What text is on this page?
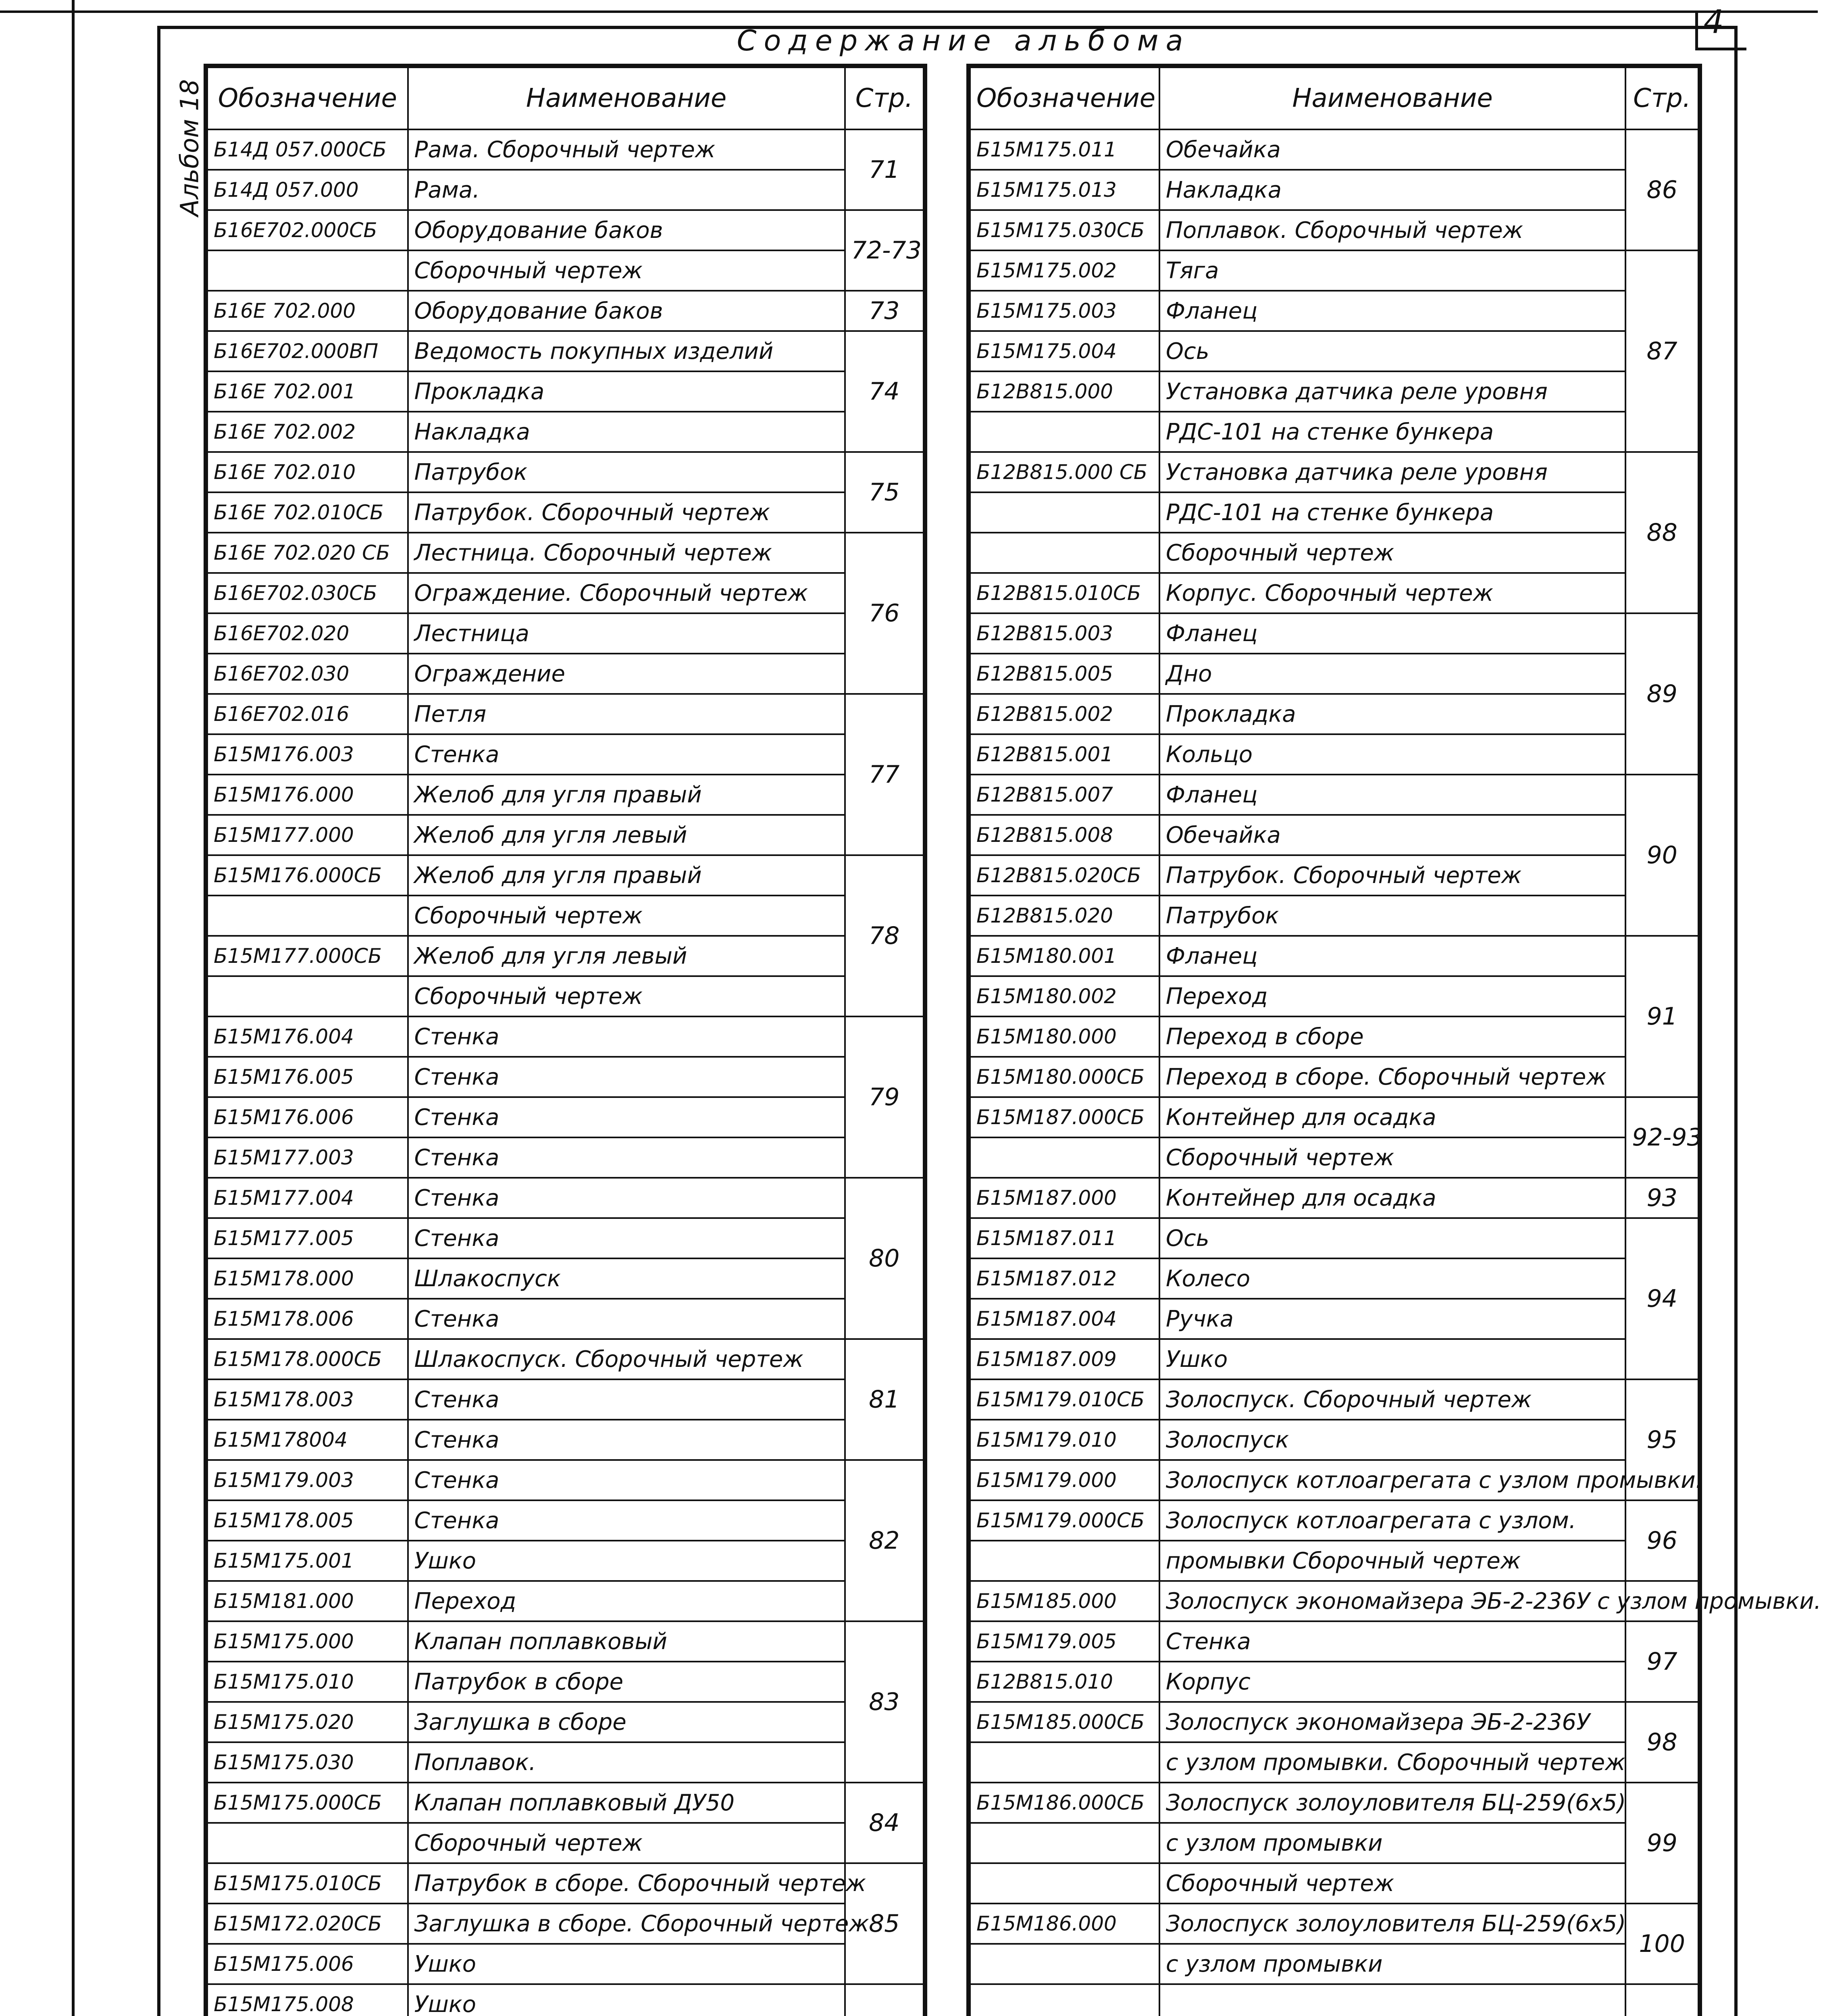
Альбом 18
4
Содержание альбома
Обозначение	Наименование	Стр.
Б14Д 057.000СБ	Рама. Сборочный чертеж	71
Б14Д 057.000	Рама.	
Б16Е702.000СБ	Оборудование баков	72-73
	Сборочный чертеж	
Б16Е 702.000	Оборудование баков	73
Б16Е702.000ВП	Ведомость покупных изделий	74
Б16Е 702.001	Прокладка	
Б16Е 702.002	Накладка	
Б16Е 702.010	Патрубок	75
Б16Е 702.010СБ	Патрубок. Сборочный чертеж	
Б16Е 702.020 СБ	Лестница. Сборочный чертеж	76
Б16Е702.030СБ	Ограждение. Сборочный чертеж	
Б16Е702.020	Лестница	
Б16Е702.030	Ограждение	
Б16Е702.016	Петля	77
Б15М176.003	Стенка	
Б15М176.000	Желоб для угля правый	
Б15М177.000	Желоб для угля левый	
Б15М176.000СБ	Желоб для угля правый	78
	Сборочный чертеж	
Б15М177.000СБ	Желоб для угля левый	
	Сборочный чертеж	
Б15М176.004	Стенка	79
Б15М176.005	Стенка	
Б15М176.006	Стенка	
Б15М177.003	Стенка	
Б15М177.004	Стенка	80
Б15М177.005	Стенка	
Б15М178.000	Шлакоспуск	
Б15М178.006	Стенка	
Б15М178.000СБ	Шлакоспуск. Сборочный чертеж	81
Б15М178.003	Стенка	
Б15М178004	Стенка	
Б15М179.003	Стенка	82
Б15М178.005	Стенка	
Б15М175.001	Ушко	
Б15М181.000	Переход	
Б15М175.000	Клапан поплавковый	83
Б15М175.010	Патрубок в сборе	
Б15М175.020	Заглушка в сборе	
Б15М175.030	Поплавок.	
Б15М175.000СБ	Клапан поплавковый ДУ50	84
	Сборочный чертеж	
Б15М175.010СБ	Патрубок в сборе. Сборочный чертеж	85
Б15М172.020СБ	Заглушка в сборе. Сборочный чертеж	
Б15М175.006	Ушко	
Б15М175.008	Ушко	

Обозначение	Наименование	Стр.
Б15М175.011	Обечайка	86
Б15М175.013	Накладка	
Б15М175.030СБ	Поплавок. Сборочный чертеж	
Б15М175.002	Тяга	87
Б15М175.003	Фланец	
Б15М175.004	Ось	
Б12В815.000	Установка датчика реле уровня	
	РДС-101 на стенке бункера	
Б12В815.000 СБ	Установка датчика реле уровня	88
	РДС-101 на стенке бункера	
	Сборочный чертеж	
Б12В815.010СБ	Корпус. Сборочный чертеж	
Б12В815.003	Фланец	89
Б12В815.005	Дно	
Б12В815.002	Прокладка	
Б12В815.001	Кольцо	
Б12В815.007	Фланец	90
Б12В815.008	Обечайка	
Б12В815.020СБ	Патрубок. Сборочный чертеж	
Б12В815.020	Патрубок	
Б15М180.001	Фланец	91
Б15М180.002	Переход	
Б15М180.000	Переход в сборе	
Б15М180.000СБ	Переход в сборе. Сборочный чертеж	
Б15М187.000СБ	Контейнер для осадка	92-93
	Сборочный чертеж	
Б15М187.000	Контейнер для осадка	93
Б15М187.011	Ось	94
Б15М187.012	Колесо	
Б15М187.004	Ручка	
Б15М187.009	Ушко	
Б15М179.010СБ	Золоспуск. Сборочный чертеж	95
Б15М179.010	Золоспуск	
Б15М179.000	Золоспуск котлоагрегата с узлом промывки.	
Б15М179.000СБ	Золоспуск котлоагрегата с узлом.	96
	промывки Сборочный чертеж	
Б15М185.000	Золоспуск экономайзера ЭБ-2-236У с узлом промывки.	
Б15М179.005	Стенка	97
Б12В815.010	Корпус	
Б15М185.000СБ	Золоспуск экономайзера ЭБ-2-236У	98
	с узлом промывки. Сборочный чертеж	
Б15М186.000СБ	Золоспуск золоуловителя БЦ-259(6х5)	99
	с узлом промывки	
	Сборочный чертеж	
Б15М186.000	Золоспуск золоуловителя БЦ-259(6х5)	100
	с узлом промывки	
